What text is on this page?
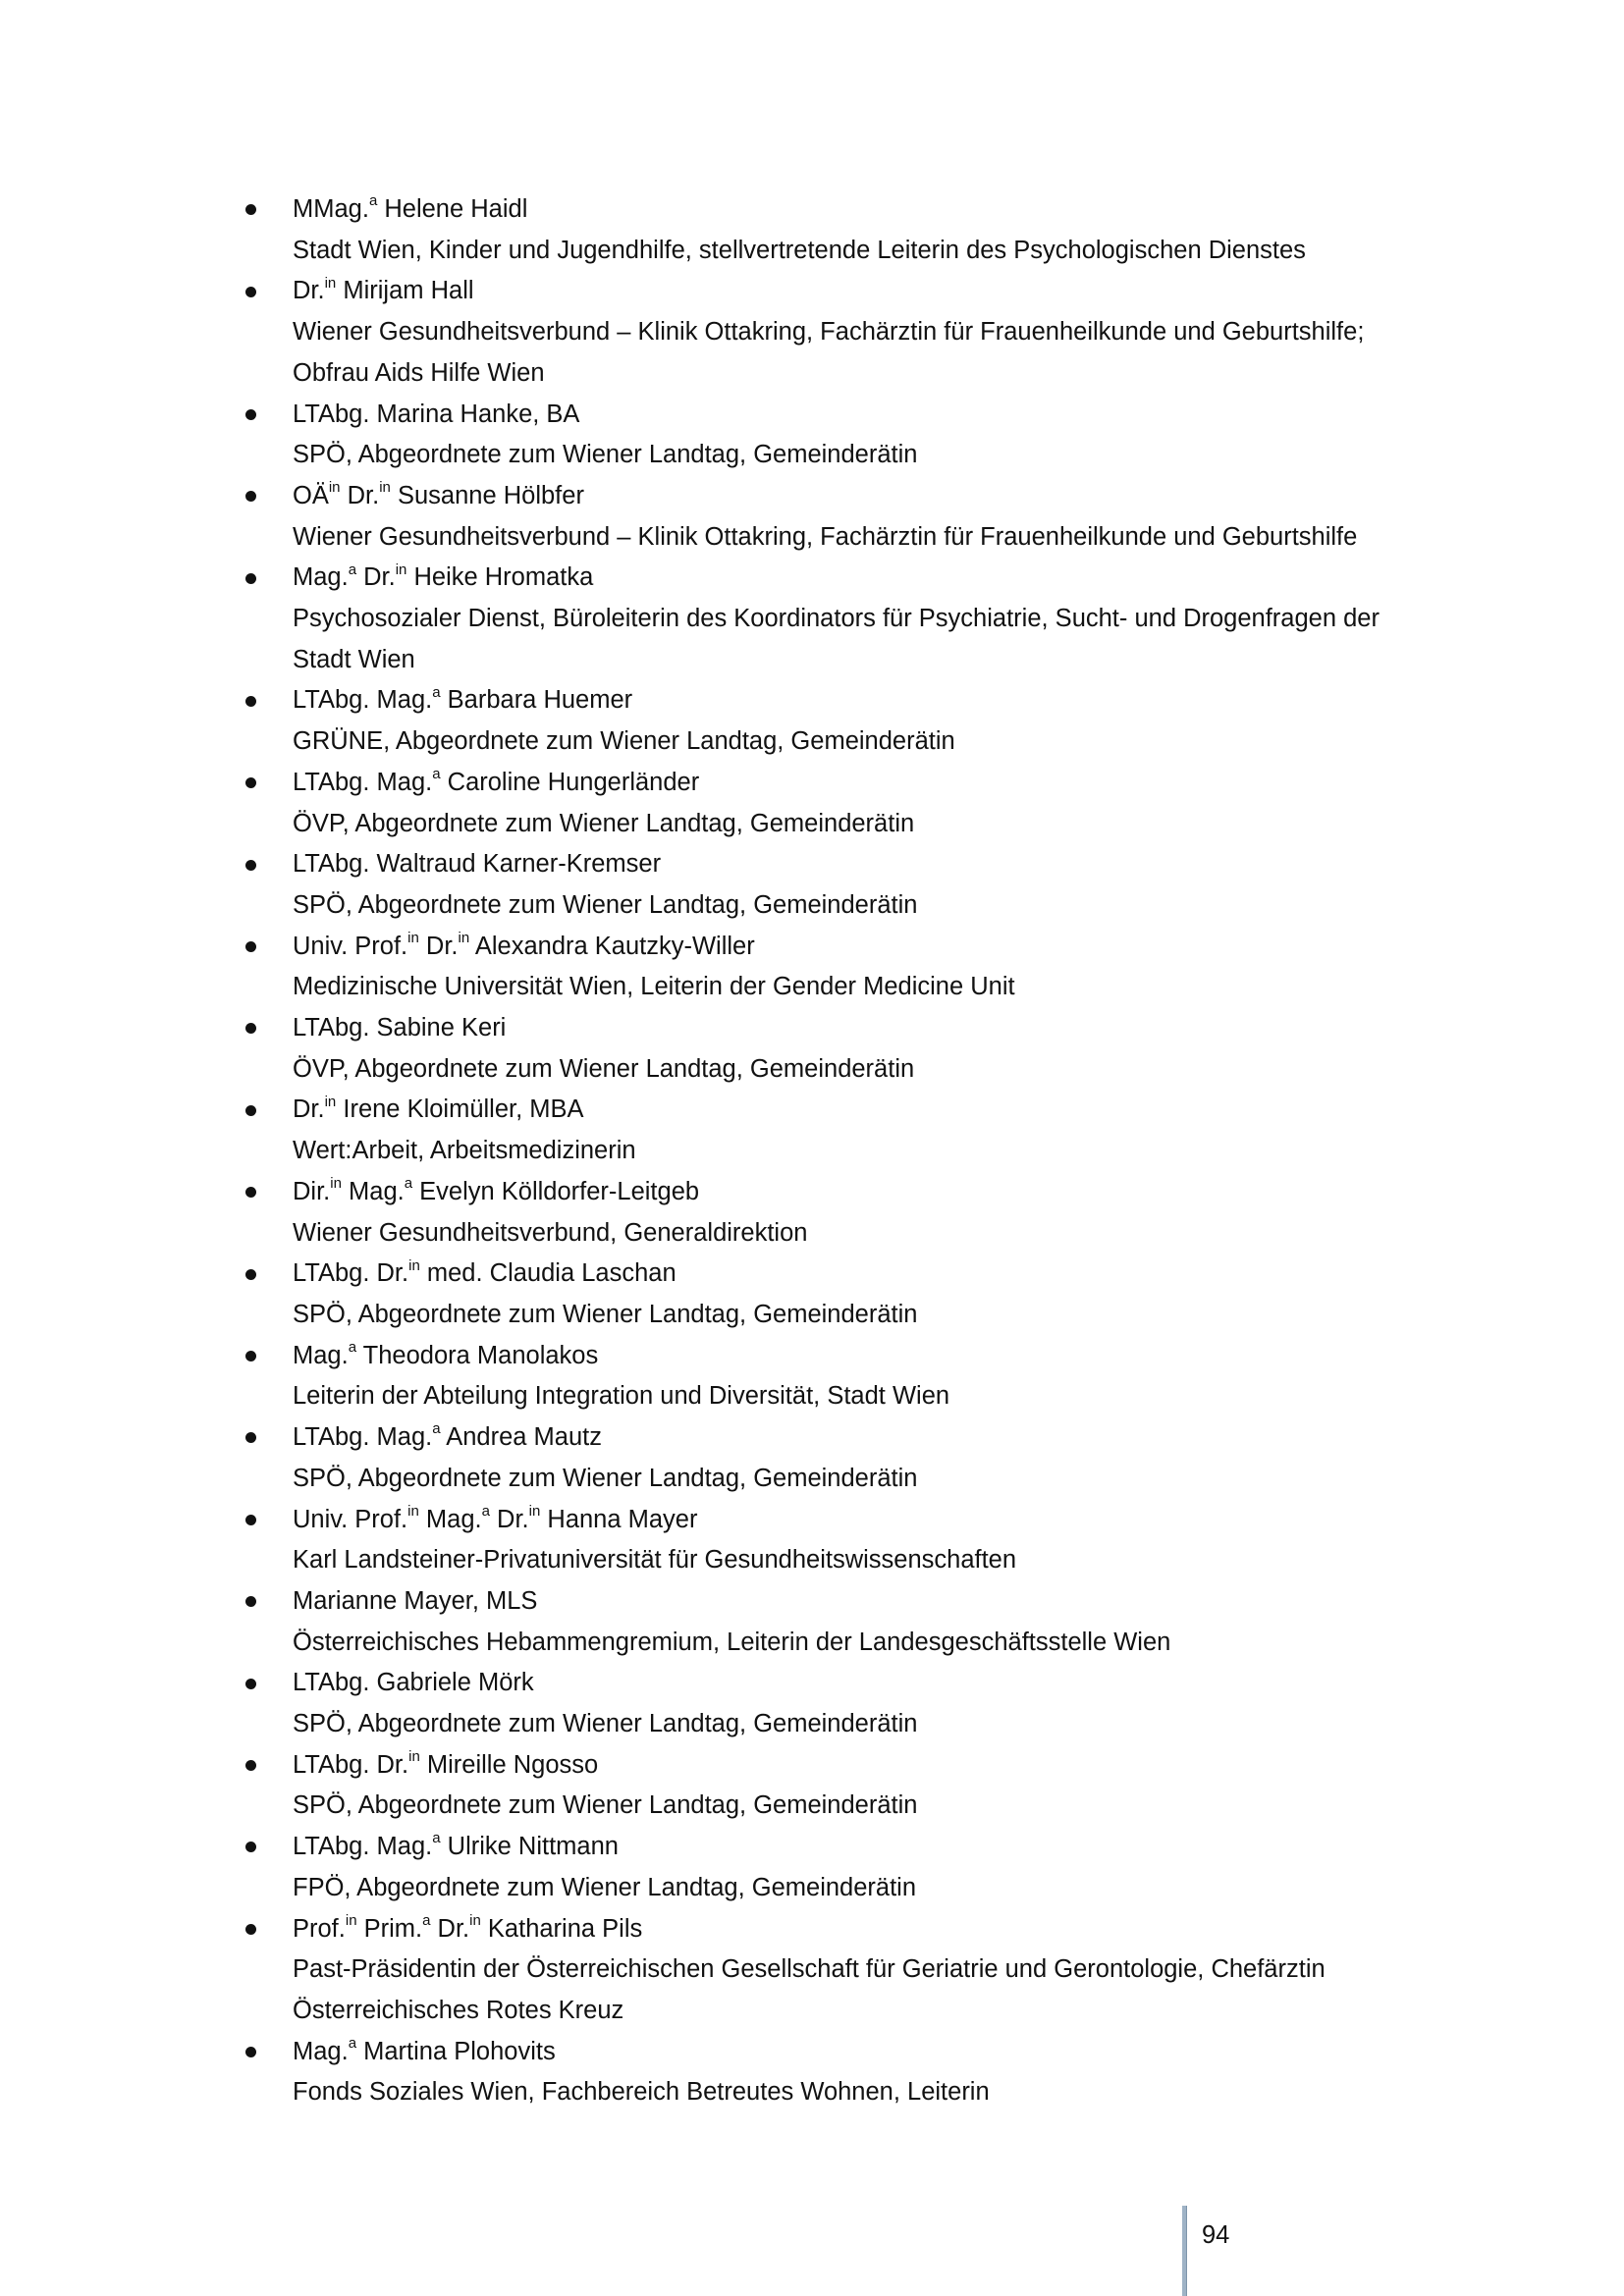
MMag.$^a$ Helene Haidl
Stadt Wien, Kinder und Jugendhilfe, stellvertretende Leiterin des Psychologischen Dienstes
Dr.$^{in}$ Mirijam Hall
Wiener Gesundheitsverbund – Klinik Ottakring, Fachärztin für Frauenheilkunde und Geburtshilfe;
Obfrau Aids Hilfe Wien
LTAbg. Marina Hanke, BA
SPÖ, Abgeordnete zum Wiener Landtag, Gemeinderätin
$OÄ^{in}$ Dr.$^{in}$ Susanne Hölbfer
Wiener Gesundheitsverbund – Klinik Ottakring, Fachärztin für Frauenheilkunde und Geburtshilfe
Mag.$^a$ Dr.$^{in}$ Heike Hromatka
Psychosozialer Dienst, Büroleiterin des Koordinators für Psychiatrie, Sucht- und Drogenfragen der
Stadt Wien
LTAbg. Mag.$^a$ Barbara Huemer
GRÜNE, Abgeordnete zum Wiener Landtag, Gemeinderätin
LTAbg. Mag.$^a$ Caroline Hungerländer
ÖVP, Abgeordnete zum Wiener Landtag, Gemeinderätin
LTAbg. Waltraud Karner-Kremser
SPÖ, Abgeordnete zum Wiener Landtag, Gemeinderätin
Univ. Prof.$^{in}$ Dr.$^{in}$ Alexandra Kautzky-Willer
Medizinische Universität Wien, Leiterin der Gender Medicine Unit
LTAbg. Sabine Keri
ÖVP, Abgeordnete zum Wiener Landtag, Gemeinderätin
Dr.$^{in}$ Irene Kloimüller, MBA
Wert:Arbeit, Arbeitsmedizinerin
Dir.$^{in}$ Mag.$^a$ Evelyn Kölldorfer-Leitgeb
Wiener Gesundheitsverbund, Generaldirektion
LTAbg. Dr.$^{in}$ med. Claudia Laschan
SPÖ, Abgeordnete zum Wiener Landtag, Gemeinderätin
Mag.$^a$ Theodora Manolakos
Leiterin der Abteilung Integration und Diversität, Stadt Wien
LTAbg. Mag.$^a$ Andrea Mautz
SPÖ, Abgeordnete zum Wiener Landtag, Gemeinderätin
Univ. Prof.$^{in}$ Mag.$^a$ Dr.$^{in}$ Hanna Mayer
Karl Landsteiner-Privatuniversität für Gesundheitswissenschaften
Marianne Mayer, MLS
Österreichisches Hebammengremium, Leiterin der Landesgeschäftsstelle Wien
LTAbg. Gabriele Mörk
SPÖ, Abgeordnete zum Wiener Landtag, Gemeinderätin
LTAbg. Dr.$^{in}$ Mireille Ngosso
SPÖ, Abgeordnete zum Wiener Landtag, Gemeinderätin
LTAbg. Mag.$^a$ Ulrike Nittmann
FPÖ, Abgeordnete zum Wiener Landtag, Gemeinderätin
Prof.$^{in}$ Prim.$^a$ Dr.$^{in}$ Katharina Pils
Past-Präsidentin der Österreichischen Gesellschaft für Geriatrie und Gerontologie, Chefärztin
Österreichisches Rotes Kreuz
Mag.$^a$ Martina Plohovits
Fonds Soziales Wien, Fachbereich Betreutes Wohnen, Leiterin
94
